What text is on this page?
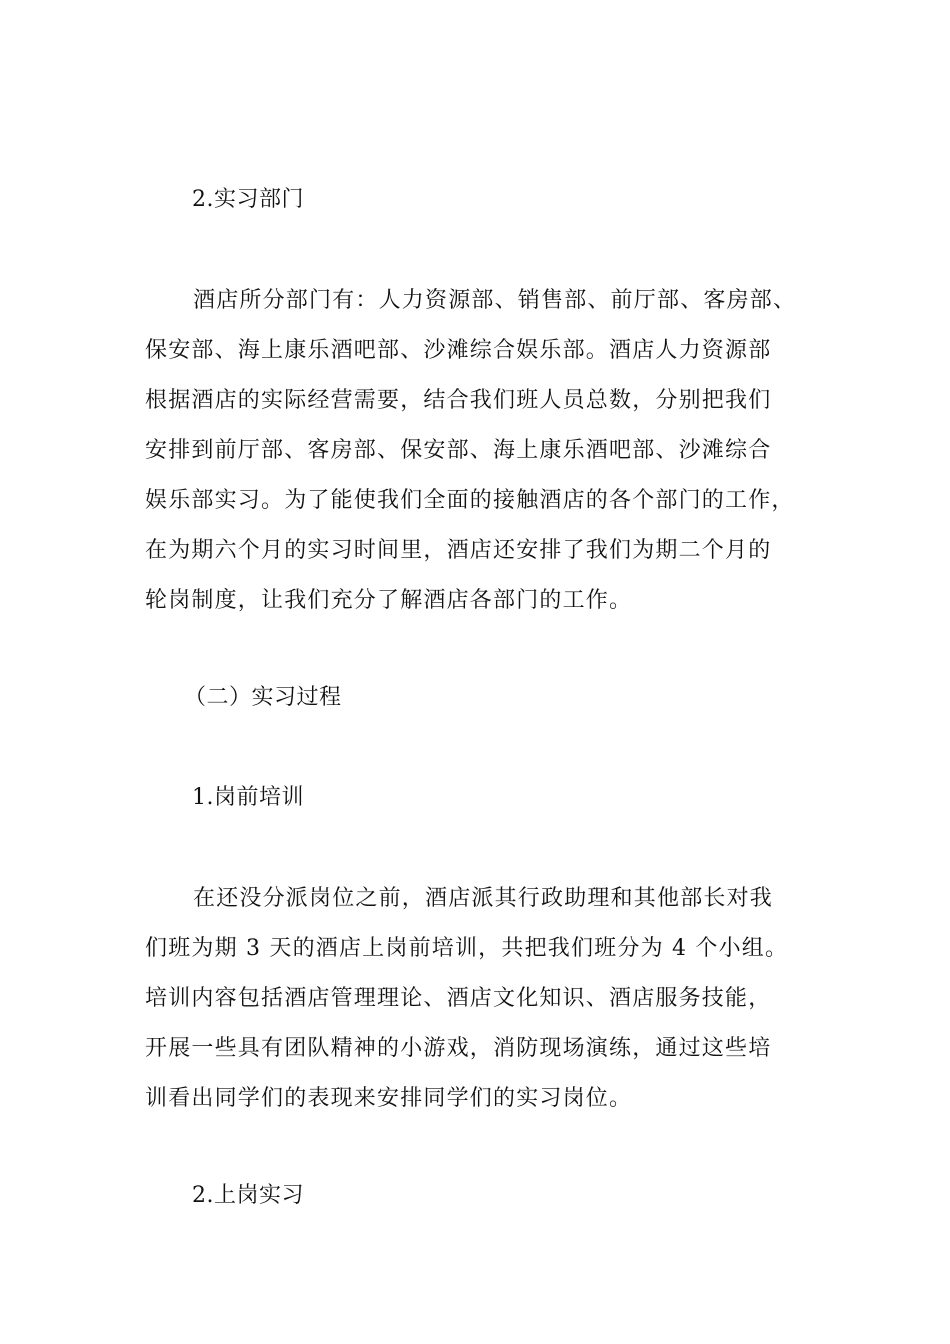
2.实习部门
酒店所分部门有：人力资源部、销售部、前厅部、客房部、
保安部、海上康乐酒吧部、沙滩综合娱乐部。酒店人力资源部
根据酒店的实际经营需要，结合我们班人员总数，分别把我们
安排到前厅部、客房部、保安部、海上康乐酒吧部、沙滩综合
娱乐部实习。为了能使我们全面的接触酒店的各个部门的工作，
在为期六个月的实习时间里，酒店还安排了我们为期二个月的
轮岗制度，让我们充分了解酒店各部门的工作。
（二）实习过程
1.岗前培训
在还没分派岗位之前，酒店派其行政助理和其他部长对我
们班为期 3 天的酒店上岗前培训，共把我们班分为 4 个小组。
培训内容包括酒店管理理论、酒店文化知识、酒店服务技能，
开展一些具有团队精神的小游戏，消防现场演练，通过这些培
训看出同学们的表现来安排同学们的实习岗位。
2.上岗实习
